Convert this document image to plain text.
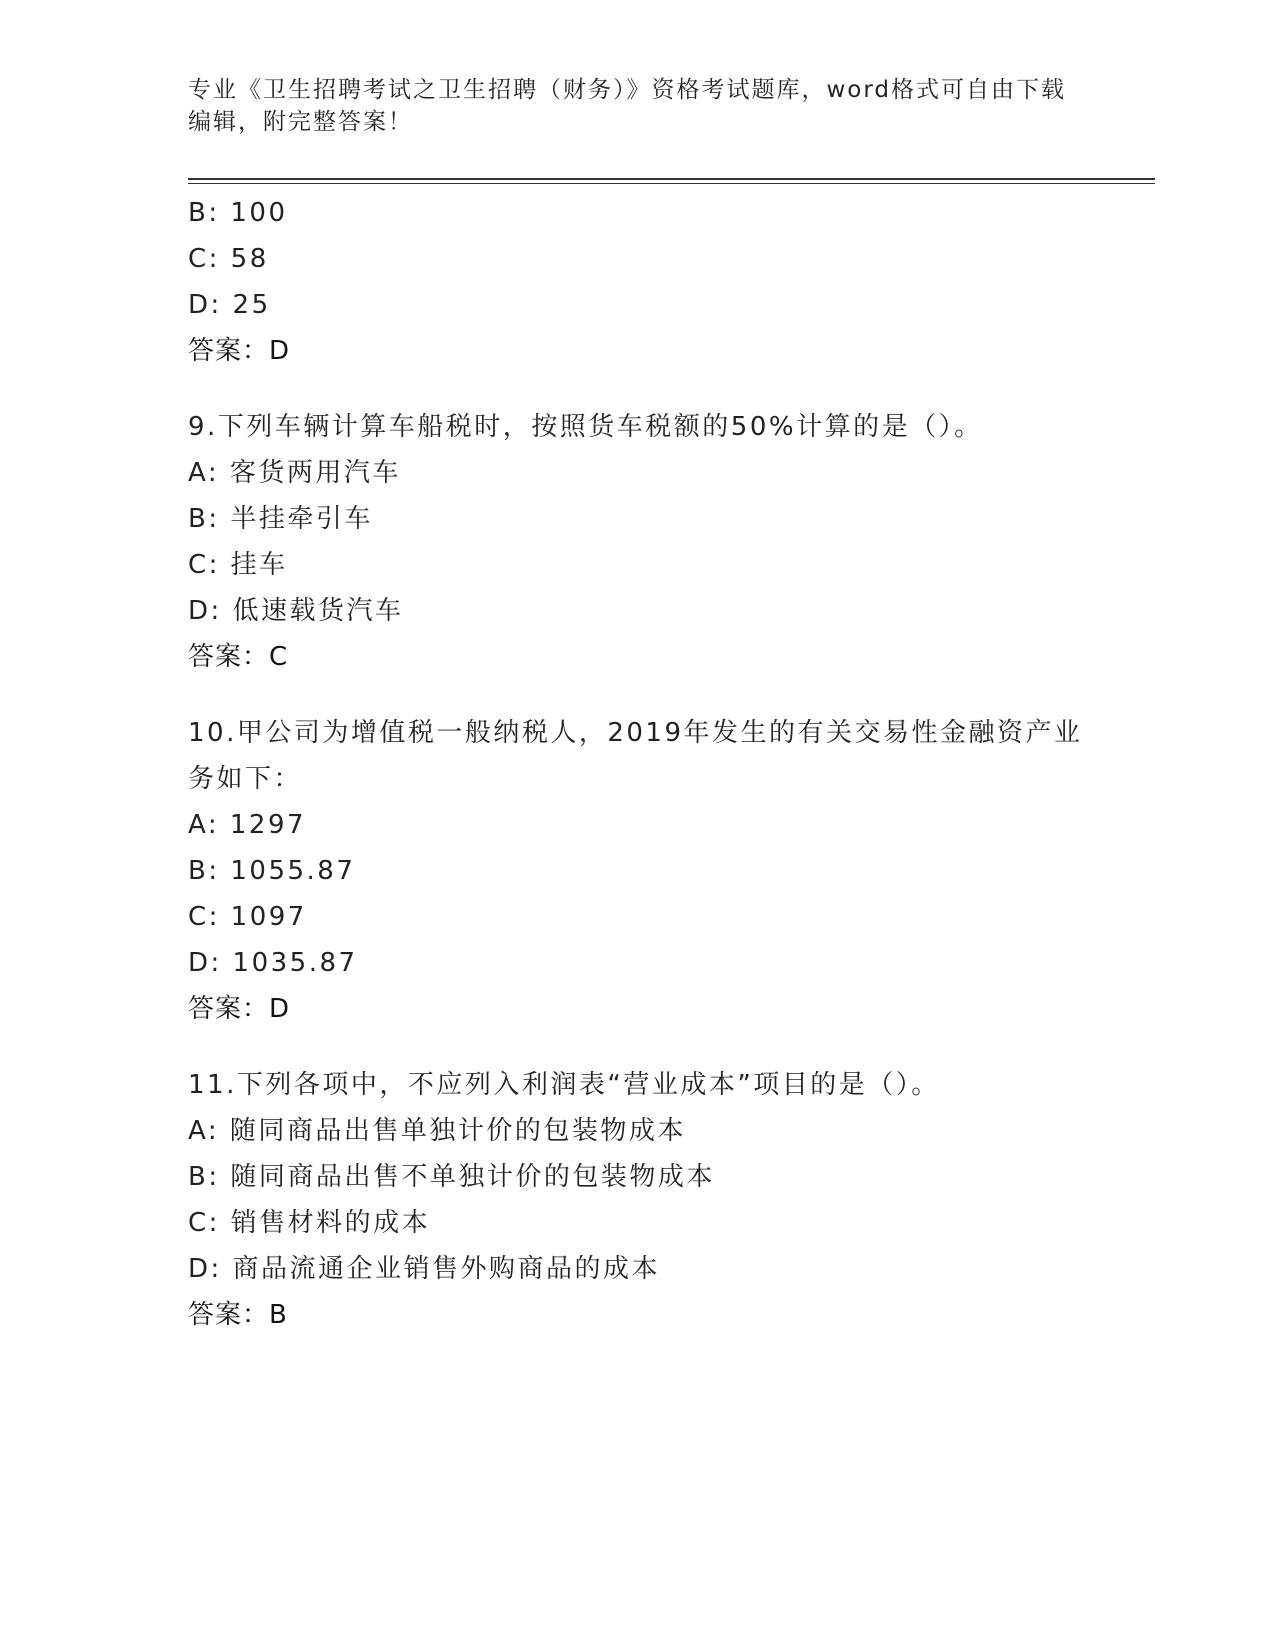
专业《卫生招聘考试之卫生招聘（财务）》资格考试题库，word格式可自由下载编辑，附完整答案！
B: 100
C: 58
D: 25
答案：D
9.下列车辆计算车船税时，按照货车税额的50%计算的是（）。
A: 客货两用汽车
B: 半挂牵引车
C: 挂车
D: 低速载货汽车
答案：C
10.甲公司为增值税一般纳税人，2019年发生的有关交易性金融资产业务如下：
A: 1297
B: 1055.87
C: 1097
D: 1035.87
答案：D
11.下列各项中，不应列入利润表“营业成本”项目的是（）。
A: 随同商品出售单独计价的包装物成本
B: 随同商品出售不单独计价的包装物成本
C: 销售材料的成本
D: 商品流通企业销售外购商品的成本
答案：B
